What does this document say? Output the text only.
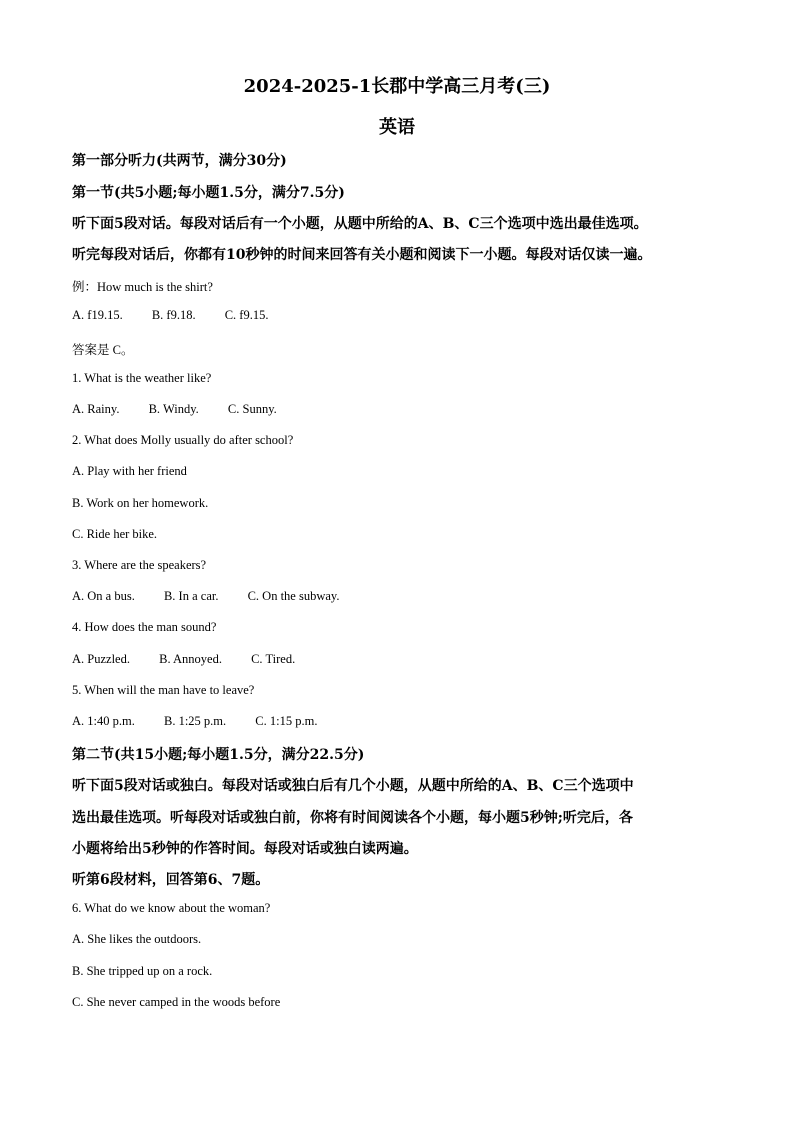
2024-2025-1长郡中学高三月考(三)
英语
第一部分听力(共两节，满分30分)
第一节(共5小题;每小题1.5分，满分7.5分)
听下面5段对话。每段对话后有一个小题，从题中所给的A、B、C三个选项中选出最佳选项。
听完每段对话后，你都有10秒钟的时间来回答有关小题和阅读下一小题。每段对话仅读一遍。
例：How much is the shirt?
A. f19.15. B. f9.18. C. f9.15.
答案是 C。
1. What is the weather like?
A. Rainy. B. Windy. C. Sunny.
2. What does Molly usually do after school?
A. Play with her friend
B. Work on her homework.
C. Ride her bike.
3. Where are the speakers?
A. On a bus. B. In a car. C. On the subway.
4. How does the man sound?
A. Puzzled. B. Annoyed. C. Tired.
5. When will the man have to leave?
A. 1:40 p.m. B. 1:25 p.m. C. 1:15 p.m.
第二节(共15小题;每小题1.5分，满分22.5分)
听下面5段对话或独白。每段对话或独白后有几个小题，从题中所给的A、B、C三个选项中
选出最佳选项。听每段对话或独白前，你将有时间阅读各个小题，每小题5秒钟;听完后，各
小题将给出5秒钟的作答时间。每段对话或独白读两遍。
听第6段材料，回答第6、7题。
6. What do we know about the woman?
A. She likes the outdoors.
B. She tripped up on a rock.
C. She never camped in the woods before
